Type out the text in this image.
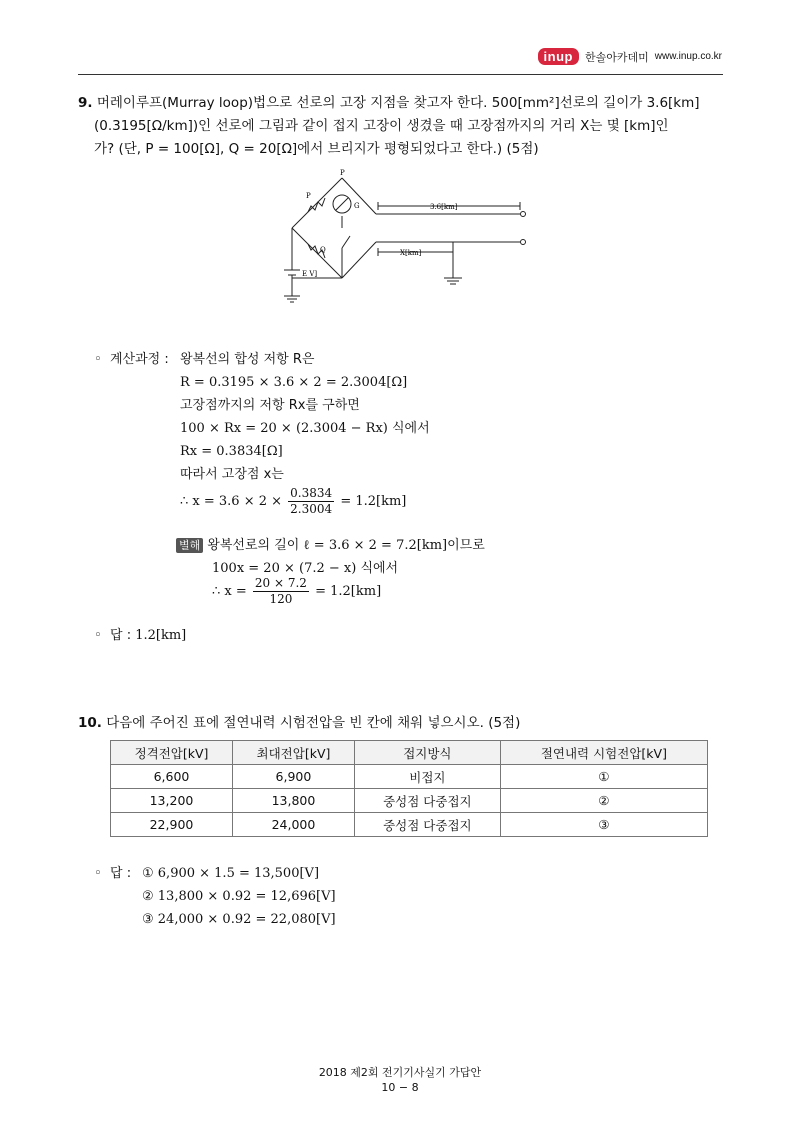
inup	한솔아카데미 www.inup.co.kr
9. 머레이루프(Murray loop)법으로 선로의 고장 지점을 찾고자 한다. 500[mm²]선로의 길이가 3.6[km]
(0.3195[Ω/km])인 선로에 그림과 같이 접지 고장이 생겼을 때 고장점까지의 거리 X는 몇 [km]인
가? (단, P = 100[Ω], Q = 20[Ω]에서 브리지가 평형되었다고 한다.) (5점)
P
P
Q
G	3.6[km]
X[km]
E V]
◦ 계산과정 : 왕복선의 합성 저항 R은
R = 0.3195 × 3.6 × 2 = 2.3004[Ω]
고장점까지의 저항 Rx를 구하면
100 × Rx = 20 × (2.3004 − Rx) 식에서
Rx = 0.3834[Ω]
따라서 고장점 x는
∴ $x = 3.6 \times 2 \times \frac{0.3834}{2.3004} = 1.2[km]$
별해 왕복선로의 길이 ℓ = 3.6 × 2 = 7.2[km]이므로
100x = 20 × (7.2 − x) 식에서
∴ $x = \frac{20 \times 7.2}{120} = 1.2[km]$
◦ 답 : 1.2[km]
10. 다음에 주어진 표에 절연내력 시험전압을 빈 칸에 채워 넣으시오. (5점)
정격전압[kV]	최대전압[kV]	접지방식	절연내력 시험전압[kV]
6,600	6,900	비접지	①
13,200	13,800	중성점 다중접지	②
22,900	24,000	중성점 다중접지	③
◦ 답 : ① 6,900 × 1.5 = 13,500[V]
② 13,800 × 0.92 = 12,696[V]
③ 24,000 × 0.92 = 22,080[V]
2018 제2회 전기기사실기 가답안
10 − 8
